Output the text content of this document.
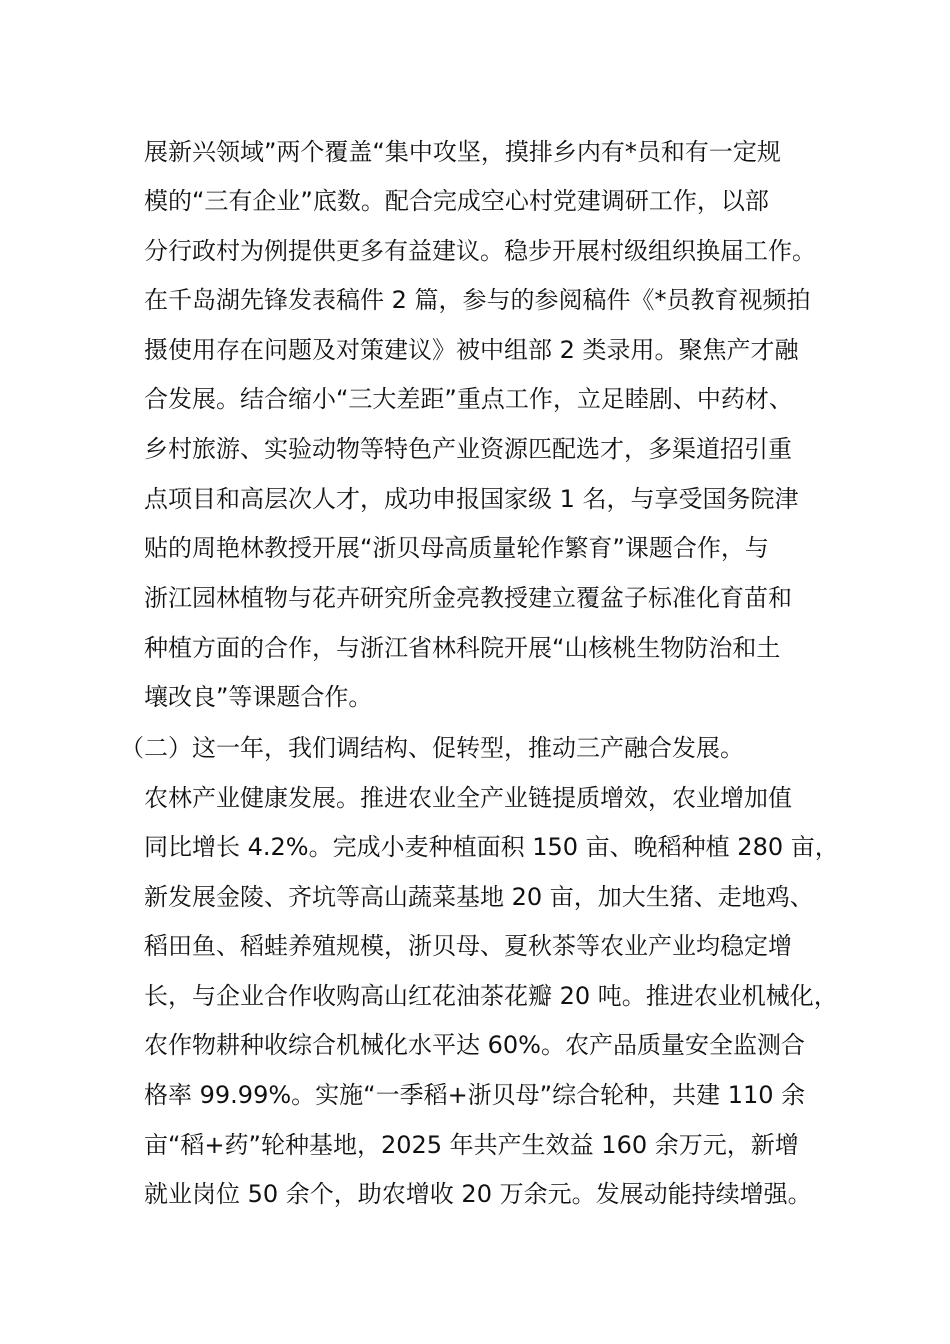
展新兴领域”两个覆盖“集中攻坚，摸排乡内有*员和有一定规
模的“三有企业”底数。配合完成空心村党建调研工作，以部
分行政村为例提供更多有益建议。稳步开展村级组织换届工作。
在千岛湖先锋发表稿件 2 篇，参与的参阅稿件《*员教育视频拍
摄使用存在问题及对策建议》被中组部 2 类录用。聚焦产才融
合发展。结合缩小“三大差距”重点工作，立足睦剧、中药材、
乡村旅游、实验动物等特色产业资源匹配选才，多渠道招引重
点项目和高层次人才，成功申报国家级 1 名，与享受国务院津
贴的周艳林教授开展“浙贝母高质量轮作繁育”课题合作，与
浙江园林植物与花卉研究所金亮教授建立覆盆子标准化育苗和
种植方面的合作，与浙江省林科院开展“山核桃生物防治和土
壤改良”等课题合作。
（二）这一年，我们调结构、促转型，推动三产融合发展。
农林产业健康发展。推进农业全产业链提质增效，农业增加值
同比增长 4.2%。完成小麦种植面积 150 亩、晚稻种植 280 亩，
新发展金陵、齐坑等高山蔬菜基地 20 亩，加大生猪、走地鸡、
稻田鱼、稻蛙养殖规模，浙贝母、夏秋茶等农业产业均稳定增
长，与企业合作收购高山红花油茶花瓣 20 吨。推进农业机械化，
农作物耕种收综合机械化水平达 60%。农产品质量安全监测合
格率 99.99%。实施“一季稻+浙贝母”综合轮种，共建 110 余
亩“稻+药”轮种基地，2025 年共产生效益 160 余万元，新增
就业岗位 50 余个，助农增收 20 万余元。发展动能持续增强。
